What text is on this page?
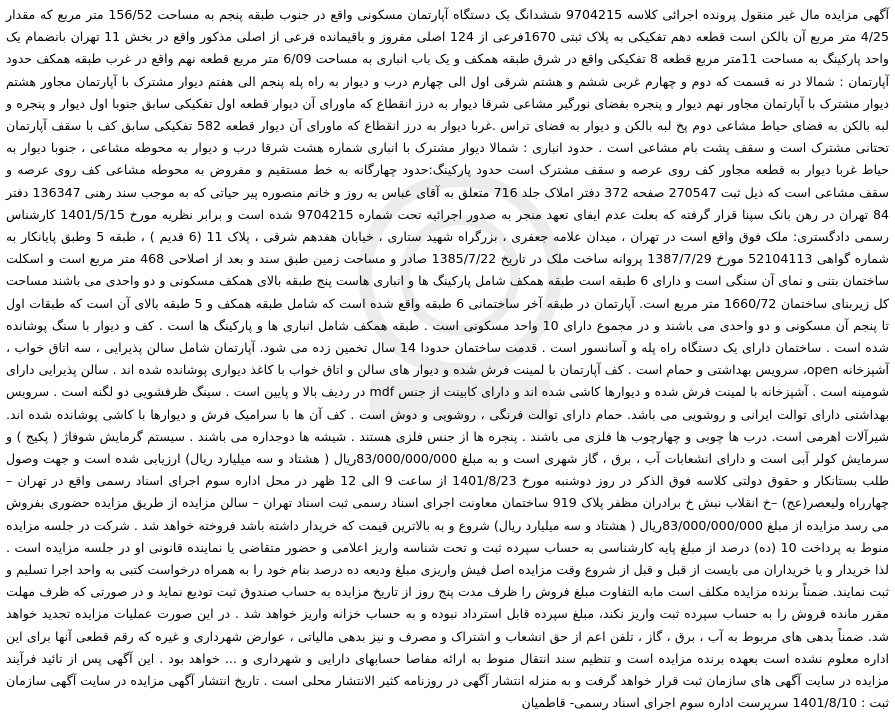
آگهی مزایده مال غیر منقول پرونده اجرائی کلاسه 9704215 ششدانگ یک دستگاه آپارتمان مسکونی واقع در جنوب طبقه پنجم به مساحت 156/52 متر مربع که مقدار 4/25 متر مربع آن بالکن است قطعه دهم تفکیکی به پلاک ثبتی 1670فرعی از 124 اصلی مفروز و باقیمانده فرعی از اصلی مذکور واقع در بخش 11 تهران بانضمام یک واحد پارکینگ به مساحت 11متر مربع قطعه 8 تفکیکی واقع در شرق طبقه همکف و یک باب انباری به مساحت 6/09 متر مربع قطعه نهم واقع در غرب طبقه همکف حدود آپارتمان : شمالا در نه قسمت که دوم و چهارم غربی ششم و هشتم شرقی اول الی چهارم درب و دیوار به راه پله پنجم الی هفتم دیوار مشترک با آپارتمان مجاور هشتم دیوار مشترک با آپارتمان مجاور نهم دیوار و پنجره بفضای نورگیر مشاعی شرقا دیوار به درز انقطاع که ماورای آن دیوار قطعه اول تفکیکی سابق جنوبا اول دیوار و پنجره و لبه بالکن به فضای حیاط مشاعی دوم پخ لبه بالکن و دیوار به فضای تراس .غربا دیوار به درز انقطاع که ماورای آن دیوار قطعه 582 تفکیکی سابق کف با سقف آپارتمان تحتانی مشترک است و سقف پشت بام مشاعی است . حدود انباری : شمالا دیوار مشترک با انباری شماره هشت شرقا درب و دیوار به محوطه مشاعی ، جنوبا دیوار به حیاط غربا دیوار به قطعه مجاور کف روی عرصه و سقف مشترک است حدود پارکینگ:حدود چهارگانه به خط مستقیم و مفروض به محوطه مشاعی کف روی عرصه و سقف مشاعی است که ذیل ثبت 270547 صفحه 372 دفتر املاک جلد 716 متعلق به آقای عباس به روز و خانم منصوره پیر حیاتی که به موجب سند رهنی 136347 دفتر 84 تهران در رهن بانک سپنا قرار گرفته که بعلت عدم ایفای تعهد منجر به صدور اجرائیه تحت شماره 9704215 شده است و برابر نظریه مورخ 1401/5/15 کارشناس رسمی دادگستری: ملک فوق واقع است در تهران ، میدان علامه جعفری ، بزرگراه شهید ستاری ، خیابان هفدهم شرقی ، پلاک 11 (6 قدیم ) ، طبقه 5 وطبق پایانکار به شماره گواهی 52104113 مورخ 1387/7/29 پروانه ساخت ملک در تاریخ 1385/7/22 صادر و مساحت زمین طبق سند و بعد از اصلاحی 468 متر مربع است و اسکلت ساختمان بتنی و نمای آن سنگی است و دارای 6 طبقه است طبقه همکف شامل پارکینگ ها و انباری هاست پنج طبقه بالای همکف مسکونی و دو واحدی می باشند مساحت کل زیربنای ساختمان 1660/72 متر مربع است. آپارتمان در طبقه آخر ساختمانی 6 طبقه واقع شده است که شامل طبقه همکف و 5 طبقه بالای آن است که طبقات اول تا پنجم آن مسکونی و دو واحدی می باشند و در مجموع دارای 10 واحد مسکونی است . طبقه همکف شامل انباری ها و پارکینگ ها است . کف و دیوار با سنگ پوشانده شده است . ساختمان دارای یک دستگاه راه پله و آسانسور است . قدمت ساختمان حدودا 14 سال تخمین زده می شود. آپارتمان شامل سالن پذیرایی ، سه اتاق خواب ، آشپزخانه open، سرویس بهداشتی و حمام است . کف آپارتمان با لمینت فرش شده و دیوار های سالن و اتاق خواب با کاغذ دیواری پوشانده شده اند . سالن پذیرایی دارای شومینه است . آشپزخانه با لمینت فرش شده و دیوارها کاشی شده اند و دارای کابینت از جنس mdf در ردیف بالا و پایین است . سینگ ظرفشویی دو لگنه است . سرویس بهداشتی دارای توالت ایرانی و روشویی می باشد. حمام دارای توالت فرنگی ، روشویی و دوش است . کف آن ها با سرامیک فرش و دیوارها با کاشی پوشانده شده اند. شیرآلات اهرمی است. درب ها چوبی و چهارچوب ها فلزی می باشند . پنجره ها از جنس فلزی هستند . شیشه ها دوجداره می باشند . سیستم گرمایش شوفاژ ( پکیج ) و سرمایش کولر آبی است و دارای انشعابات آب ، برق ، گاز شهری است و به مبلغ 83/000/000/000ریال ( هشتاد و سه میلیارد ریال) ارزیابی شده است و جهت وصول طلب بستانکار و حقوق دولتی کلاسه فوق الذکر در روز دوشنبه مورخ 1401/8/23 از ساعت 9 الی 12 ظهر در محل اداره سوم اجرای اسناد رسمی واقع در تهران – چهارراه ولیعصر(عج) –خ انقلاب نبش خ برادران مظفر پلاک 919 ساختمان معاونت اجرای اسناد رسمی ثبت اسناد تهران – سالن مزایده از طریق مزایده حضوری بفروش می رسد مزایده از مبلغ 83/000/000/000ریال ( هشتاد و سه میلیارد ریال) شروع و به بالاترین قیمت که خریدار داشته باشد فروخته خواهد شد . شرکت در جلسه مزایده منوط به پرداخت 10 (ده) درصد از مبلغ پایه کارشناسی به حساب سپرده ثبت و تحت شناسه واریز اعلامی و حضور متقاضی یا نماینده قانونی او در جلسه مزایده است . لذا خریدار و یا خریداران می بایست از قبل و قبل از شروع وقت مزایده اصل فیش واریزی مبلغ ودیعه ده درصد بنام خود را به همراه درخواست کتبی به واحد اجرا تسلیم و ثبت نمایند. ضمناً برنده مزایده مکلف است مابه التفاوت مبلغ فروش را ظرف مدت پنج روز از تاریخ مزایده به حساب صندوق ثبت تودیع نماید و در صورتی که ظرف مهلت مقرر مانده فروش را به حساب سپرده ثبت واریز نکند، مبلغ سپرده قابل استرداد نبوده و به حساب خزانه واریز خواهد شد . در این صورت عملیات مزایده تجدید خواهد شد. ضمناً بدهی های مربوط به آب ، برق ، گاز ، تلفن اعم از حق انشعاب و اشتراک و مصرف و نیز بدهی مالیاتی ، عوارض شهرداری و غیره که رقم قطعی آنها برای این اداره معلوم نشده است بعهده برنده مزایده است و تنظیم سند انتقال منوط به ارائه مفاصا حسابهای دارایی و شهرداری و ... خواهد بود . این آگهی پس از تائید فرآیند مزایده در سایت آگهی های سازمان ثبت قرار خواهد گرفت و به منزله انتشار آگهی در روزنامه کثیر الانتشار محلی است . تاریخ انتشار آگهی مزایده در سایت آگهی سازمان ثبت : 1401/8/10 سرپرست اداره سوم اجرای اسناد رسمی- قاطمیان
